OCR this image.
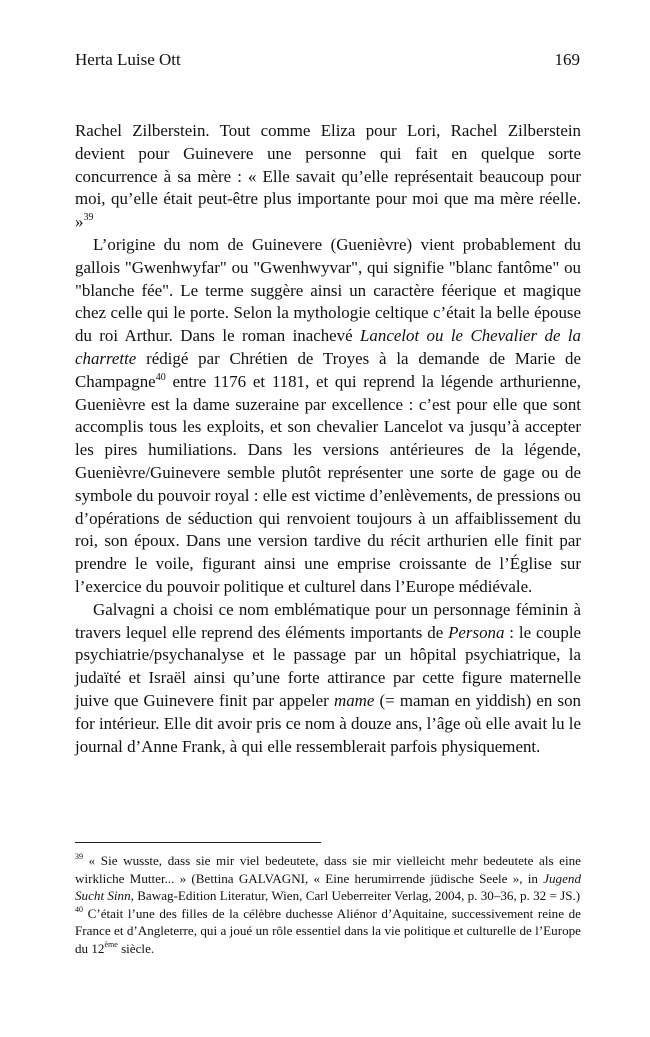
Herta Luise Ott	169

Rachel Zilberstein. Tout comme Eliza pour Lori, Rachel Zilberstein devient pour Guinevere une personne qui fait en quelque sorte concurrence à sa mère : « Elle savait qu’elle représentait beaucoup pour moi, qu’elle était peut-être plus importante pour moi que ma mère réelle. »$^{39}$

L’origine du nom de Guinevere (Guenièvre) vient probablement du gallois "Gwenhwyfar" ou "Gwenhwyvar", qui signifie "blanc fantôme" ou "blanche fée". Le terme suggère ainsi un caractère féerique et magique chez celle qui le porte. Selon la mythologie celtique c’était la belle épouse du roi Arthur. Dans le roman inachevé Lancelot ou le Chevalier de la charrette rédigé par Chrétien de Troyes à la demande de Marie de Champagne$^{40}$ entre 1176 et 1181, et qui reprend la légende arthurienne, Guenièvre est la dame suzeraine par excellence : c’est pour elle que sont accomplis tous les exploits, et son chevalier Lancelot va jusqu’à accepter les pires humiliations. Dans les versions antérieures de la légende, Guenièvre/Guinevere semble plutôt représenter une sorte de gage ou de symbole du pouvoir royal : elle est victime d’enlèvements, de pressions ou d’opérations de séduction qui renvoient toujours à un affaiblissement du roi, son époux. Dans une version tardive du récit arthurien elle finit par prendre le voile, figurant ainsi une emprise croissante de l’Église sur l’exercice du pouvoir politique et culturel dans l’Europe médiévale.

Galvagni a choisi ce nom emblématique pour un personnage féminin à travers lequel elle reprend des éléments importants de Persona : le couple psychiatrie/psychanalyse et le passage par un hôpital psychiatrique, la judaïté et Israël ainsi qu’une forte attirance par cette figure maternelle juive que Guinevere finit par appeler mame (= maman en yiddish) en son for intérieur. Elle dit avoir pris ce nom à douze ans, l’âge où elle avait lu le journal d’Anne Frank, à qui elle ressemblerait parfois physiquement.

$^{39}$ « Sie wusste, dass sie mir viel bedeutete, dass sie mir vielleicht mehr bedeutete als eine wirkliche Mutter... » (Bettina GALVAGNI, « Eine herumirrende jüdische Seele », in Jugend Sucht Sinn, Bawag-Edition Literatur, Wien, Carl Ueberreiter Verlag, 2004, p. 30–36, p. 32 = JS.)

$^{40}$ C’était l’une des filles de la célèbre duchesse Aliénor d’Aquitaine, successivement reine de France et d’Angleterre, qui a joué un rôle essentiel dans la vie politique et culturelle de l’Europe du 12ème siècle.
